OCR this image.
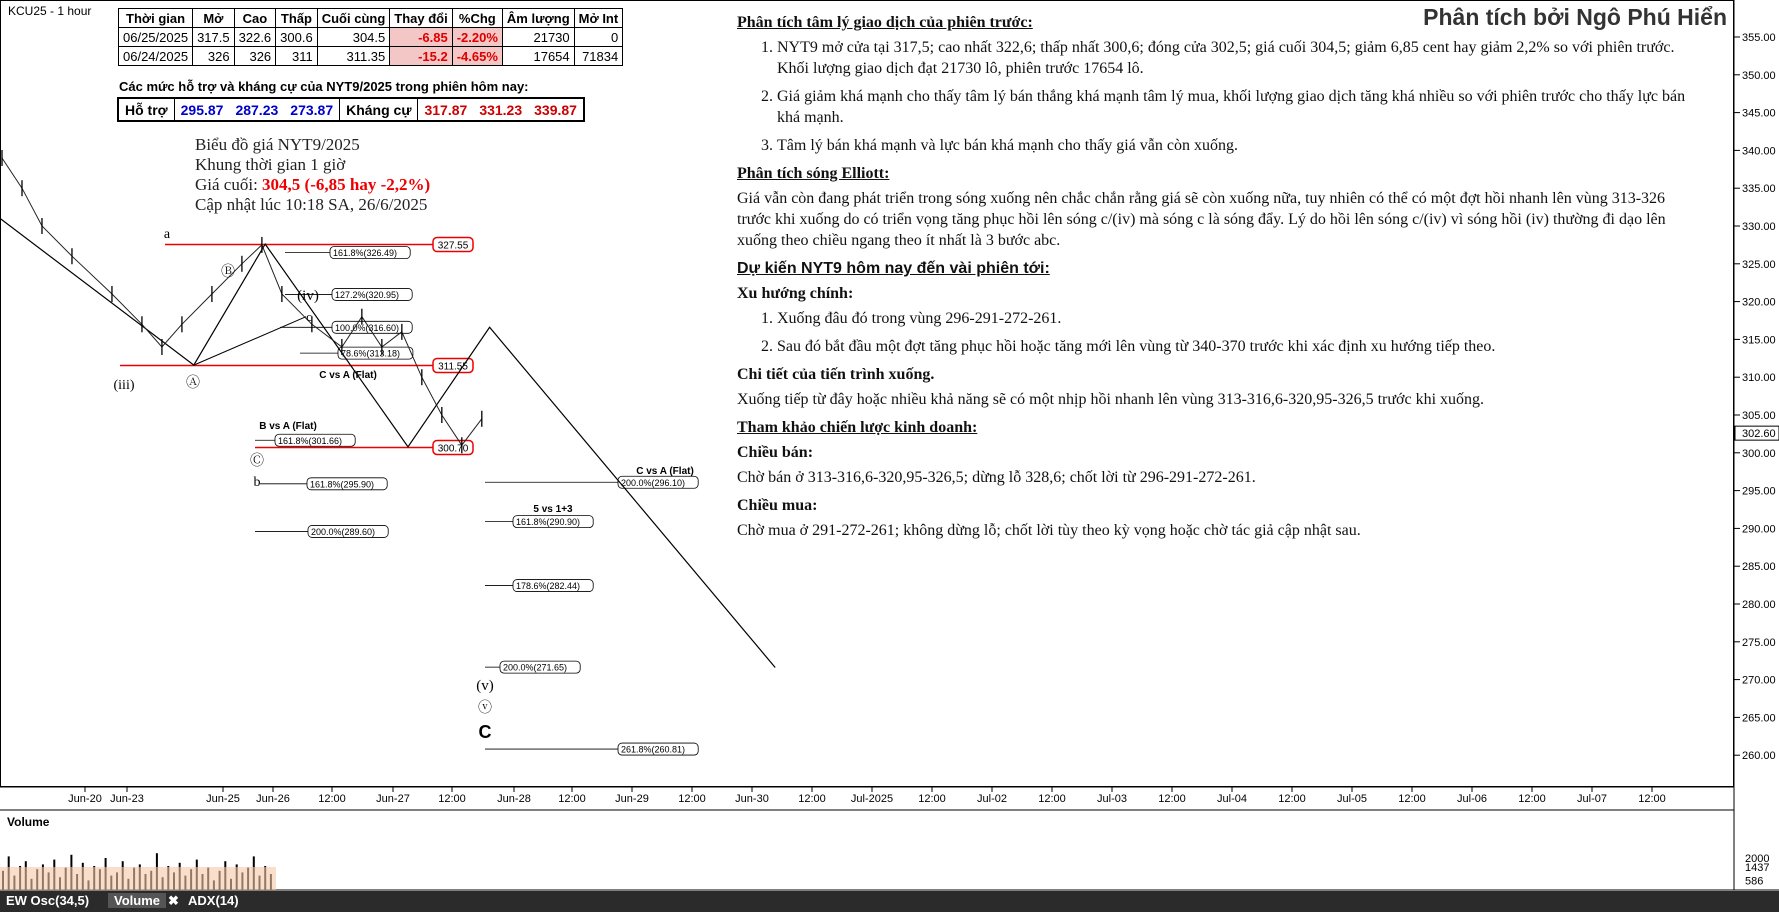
355.00
350.00
345.00
340.00
335.00
330.00
325.00
320.00
315.00
310.00
305.00
300.00
295.00
290.00
285.00
280.00
275.00
270.00
265.00
260.00
302.60
Jun-20 Jun-23	Jun-25 Jun-26	12:00	Jun-27	12:00	Jun-28 12:00	Jun-29	12:00	Jun-30	12:00 Jul-2025 12:00	Jul-02	12:00	Jul-03	12:00	Jul-04	12:00	Jul-05	12:00	Jul-06	12:00	Jul-07	12:00
327.55
311.55
300.70
161.8%(326.49)
127.2%(320.95)
100.0%(316.60)
78.6%(313.18)
161.8%(301.66)
161.8%(295.90)	200.0%(296.10)
161.8%(290.90)
200.0%(289.60)
178.6%(282.44)
200.0%(271.65)
261.8%(260.81)
a
Ⓑ
(iv)
c
(iii)	Ⓐ
C vs A (Flat)
B vs A (Flat)
Ⓒ
b
C vs A (Flat)
5 vs 1+3
(v)
ⓥ
C
2000
1437
586
KCU25 - 1 hour	Thời gian	Mở	Cao	Thấp	Cuối cùng	Thay đổi	%Chg	Âm lượng	Mở Int
06/25/2025	317.5	322.6	300.6	304.5	-6.85	-2.20%	21730	0
06/24/2025	326	326	311	311.35	-15.2	-4.65%	17654	71834
Các mức hỗ trợ và kháng cự của NYT9/2025 trong phiên hôm nay:
Hỗ trợ	295.87	287.23	273.87	Kháng cự	317.87	331.23	339.87
Biểu đồ giá NYT9/2025
Khung thời gian 1 giờ
Giá cuối: 304,5 (-6,85 hay -2,2%)
Cập nhật lúc 10:18 SA, 26/6/2025
Phân tích bởi Ngô Phú Hiển
Phân tích tâm lý giao dịch của phiên trước:
1. NYT9 mở cửa tại 317,5; cao nhất 322,6; thấp nhất 300,6; đóng cửa 302,5; giá cuối 304,5; giảm 6,85 cent hay giảm 2,2% so với phiên trước. Khối lượng giao dịch đạt 21730 lô, phiên trước 17654 lô.
2. Giá giảm khá mạnh cho thấy tâm lý bán thắng khá mạnh tâm lý mua, khối lượng giao dịch tăng khá nhiều so với phiên trước cho thấy lực bán khá mạnh.
3. Tâm lý bán khá mạnh và lực bán khá mạnh cho thấy giá vẫn còn xuống.
Phân tích sóng Elliott:

Giá vẫn còn đang phát triển trong sóng xuống nên chắc chắn rằng giá sẽ còn xuống nữa, tuy nhiên có thể có một đợt hồi nhanh lên vùng 313-326 trước khi xuống do có triển vọng tăng phục hồi lên sóng c/(iv) mà sóng c là sóng đẩy. Lý do hồi lên sóng c/(iv) vì sóng hồi (iv) thường đi dạo lên xuống theo chiều ngang theo ít nhất là 3 bước abc.

Dự kiến NYT9 hôm nay đến vài phiên tới:
Xu hướng chính:
1. Xuống đâu đó trong vùng 296-291-272-261.
2. Sau đó bắt đầu một đợt tăng phục hồi hoặc tăng mới lên vùng từ 340-370 trước khi xác định xu hướng tiếp theo.
Chi tiết của tiến trình xuống.

Xuống tiếp từ đây hoặc nhiều khả năng sẽ có một nhịp hồi nhanh lên vùng 313-316,6-320,95-326,5 trước khi xuống.

Tham khảo chiến lược kinh doanh:
Chiều bán:

Chờ bán ở 313-316,6-320,95-326,5; dừng lỗ 328,6; chốt lời từ 296-291-272-261.

Chiều mua:

Chờ mua ở 291-272-261; không dừng lỗ; chốt lời tùy theo kỳ vọng hoặc chờ tác giả cập nhật sau.

Volume
EW Osc(34,5)	Volume ✖ ADX(14)
